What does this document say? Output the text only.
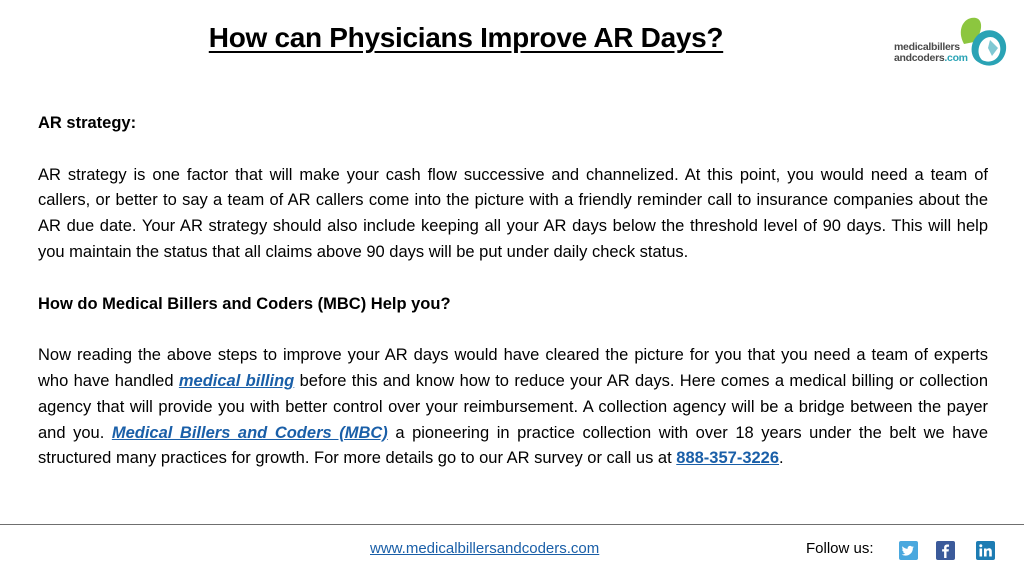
How can Physicians Improve AR Days?	medicalbillers
andcoders.com

AR strategy:

AR strategy is one factor that will make your cash flow successive and channelized. At this point, you would need a team of callers, or better to say a team of AR callers come into the picture with a friendly reminder call to insurance companies about the AR due date. Your AR strategy should also include keeping all your AR days below the threshold level of 90 days. This will help you maintain the status that all claims above 90 days will be put under daily check status.

How do Medical Billers and Coders (MBC) Help you?

Now reading the above steps to improve your AR days would have cleared the picture for you that you need a team of experts who have handled medical billing before this and know how to reduce your AR days. Here comes a medical billing or collection agency that will provide you with better control over your reimbursement. A collection agency will be a bridge between the payer and you. Medical Billers and Coders (MBC) a pioneering in practice collection with over 18 years under the belt we have structured many practices for growth. For more details go to our AR survey or call us at 888-357-3226.

www.medicalbillersandcoders.com	Follow us:
